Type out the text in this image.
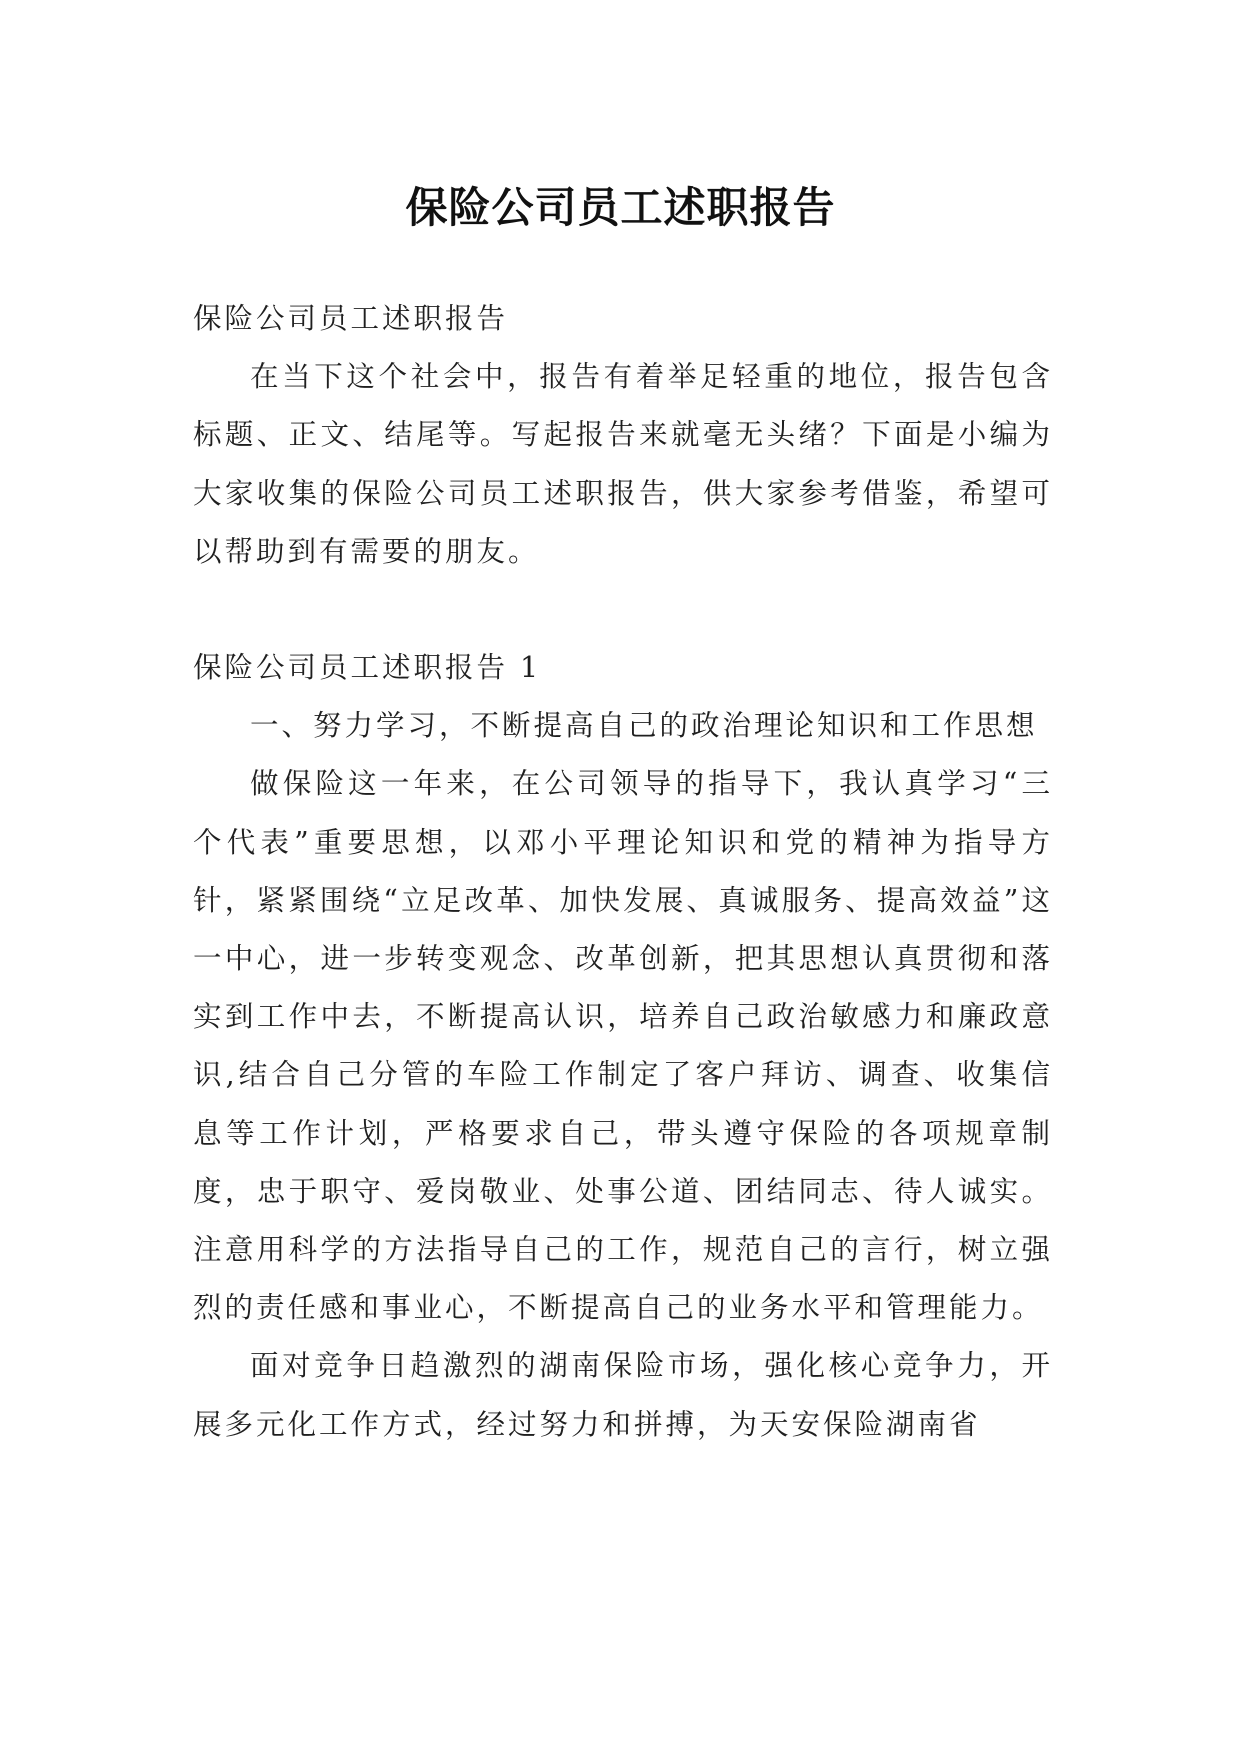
保险公司员工述职报告

保险公司员工述职报告

在当下这个社会中，报告有着举足轻重的地位，报告包含标题、正文、结尾等。写起报告来就毫无头绪？下面是小编为大家收集的保险公司员工述职报告，供大家参考借鉴，希望可以帮助到有需要的朋友。

保险公司员工述职报告 1

一、努力学习，不断提高自己的政治理论知识和工作思想

做保险这一年来，在公司领导的指导下，我认真学习“三个代表”重要思想，以邓小平理论知识和党的精神为指导方针，紧紧围绕“立足改革、加快发展、真诚服务、提高效益”这一中心，进一步转变观念、改革创新，把其思想认真贯彻和落实到工作中去，不断提高认识，培养自己政治敏感力和廉政意识,结合自己分管的车险工作制定了客户拜访、调查、收集信息等工作计划，严格要求自己，带头遵守保险的各项规章制度，忠于职守、爱岗敬业、处事公道、团结同志、待人诚实。注意用科学的方法指导自己的工作，规范自己的言行，树立强烈的责任感和事业心，不断提高自己的业务水平和管理能力。

面对竞争日趋激烈的湖南保险市场，强化核心竞争力，开展多元化工作方式，经过努力和拼搏，为天安保险湖南省
